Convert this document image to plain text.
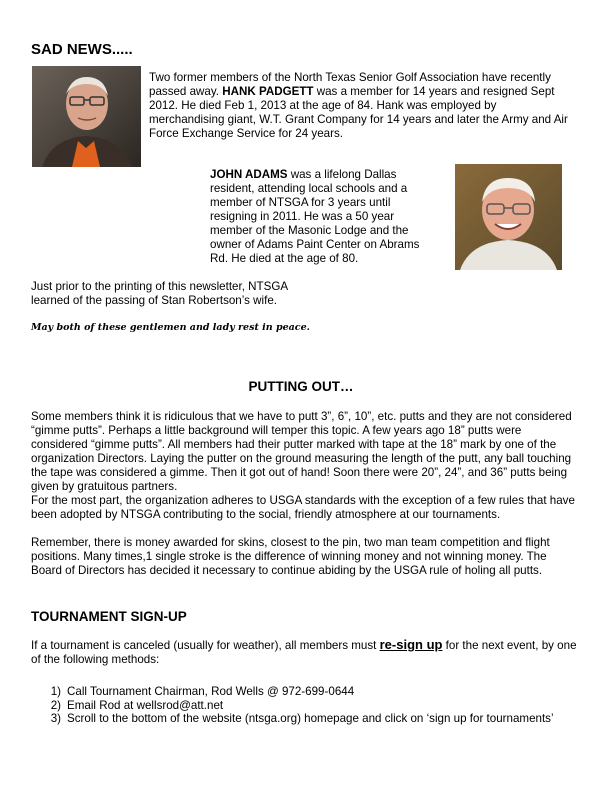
SAD NEWS.....
Two former members of the North Texas Senior Golf Association have recently passed away. HANK PADGETT was a member for 14 years and resigned Sept 2012. He died Feb 1, 2013 at the age of 84. Hank was employed by merchandising giant, W.T. Grant Company for 14 years and later the Army and Air Force Exchange Service for 24 years.
JOHN ADAMS was a lifelong Dallas resident, attending local schools and a member of NTSGA for 3 years until resigning in 2011. He was a 50 year member of the Masonic Lodge and the owner of Adams Paint Center on Abrams Rd. He died at the age of 80.
Just prior to the printing of this newsletter, NTSGA
learned of the passing of Stan Robertson’s wife.
May both of these gentlemen and lady rest in peace.
PUTTING OUT…
Some members think it is ridiculous that we have to putt 3”, 6”, 10”, etc. putts and they are not considered “gimme putts”. Perhaps a little background will temper this topic. A few years ago 18” putts were considered “gimme putts”. All members had their putter marked with tape at the 18” mark by one of the organization Directors. Laying the putter on the ground measuring the length of the putt, any ball touching the tape was considered a gimme. Then it got out of hand! Soon there were 20”, 24”, and 36” putts being given by gratuitous partners.
For the most part, the organization adheres to USGA standards with the exception of a few rules that have been adopted by NTSGA contributing to the social, friendly atmosphere at our tournaments.
Remember, there is money awarded for skins, closest to the pin, two man team competition and flight positions. Many times,1 single stroke is the difference of winning money and not winning money. The Board of Directors has decided it necessary to continue abiding by the USGA rule of holing all putts.
TOURNAMENT SIGN-UP
If a tournament is canceled (usually for weather), all members must re-sign up for the next event, by one of the following methods:
1) Call Tournament Chairman, Rod Wells @ 972-699-0644
2) Email Rod at wellsrod@att.net
3) Scroll to the bottom of the website (ntsga.org) homepage and click on ‘sign up for tournaments’
